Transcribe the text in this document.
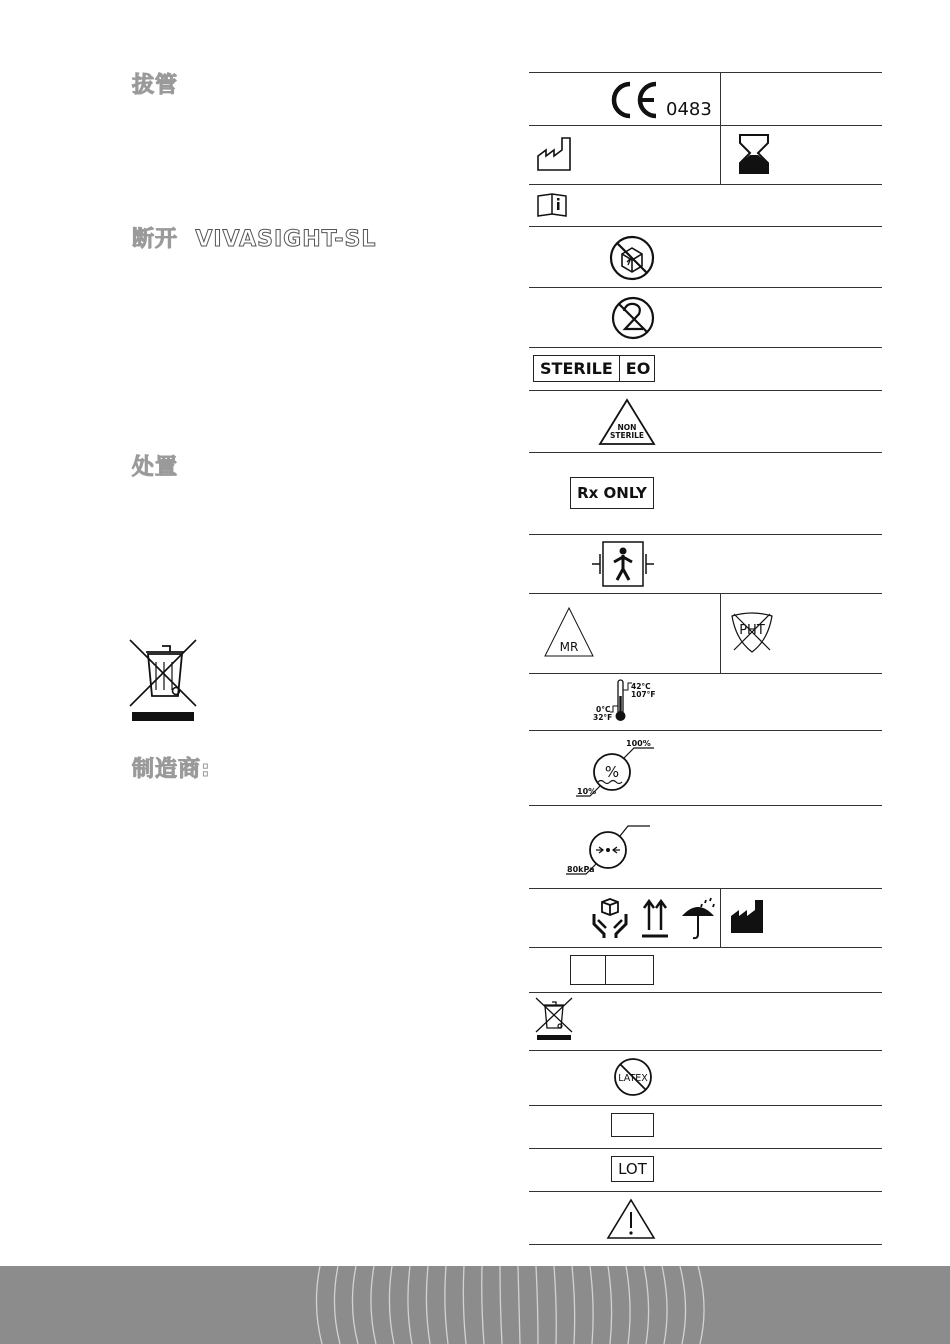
拔管
断开 VIVASIGHT-SL
处置
制造商:
0483
STERILE EO
NON
STERILE
Rx ONLY
MR
PHT
42°C
107°F
0°C
32°F
%
100%
10%
80kPa
LATEX
LOT
